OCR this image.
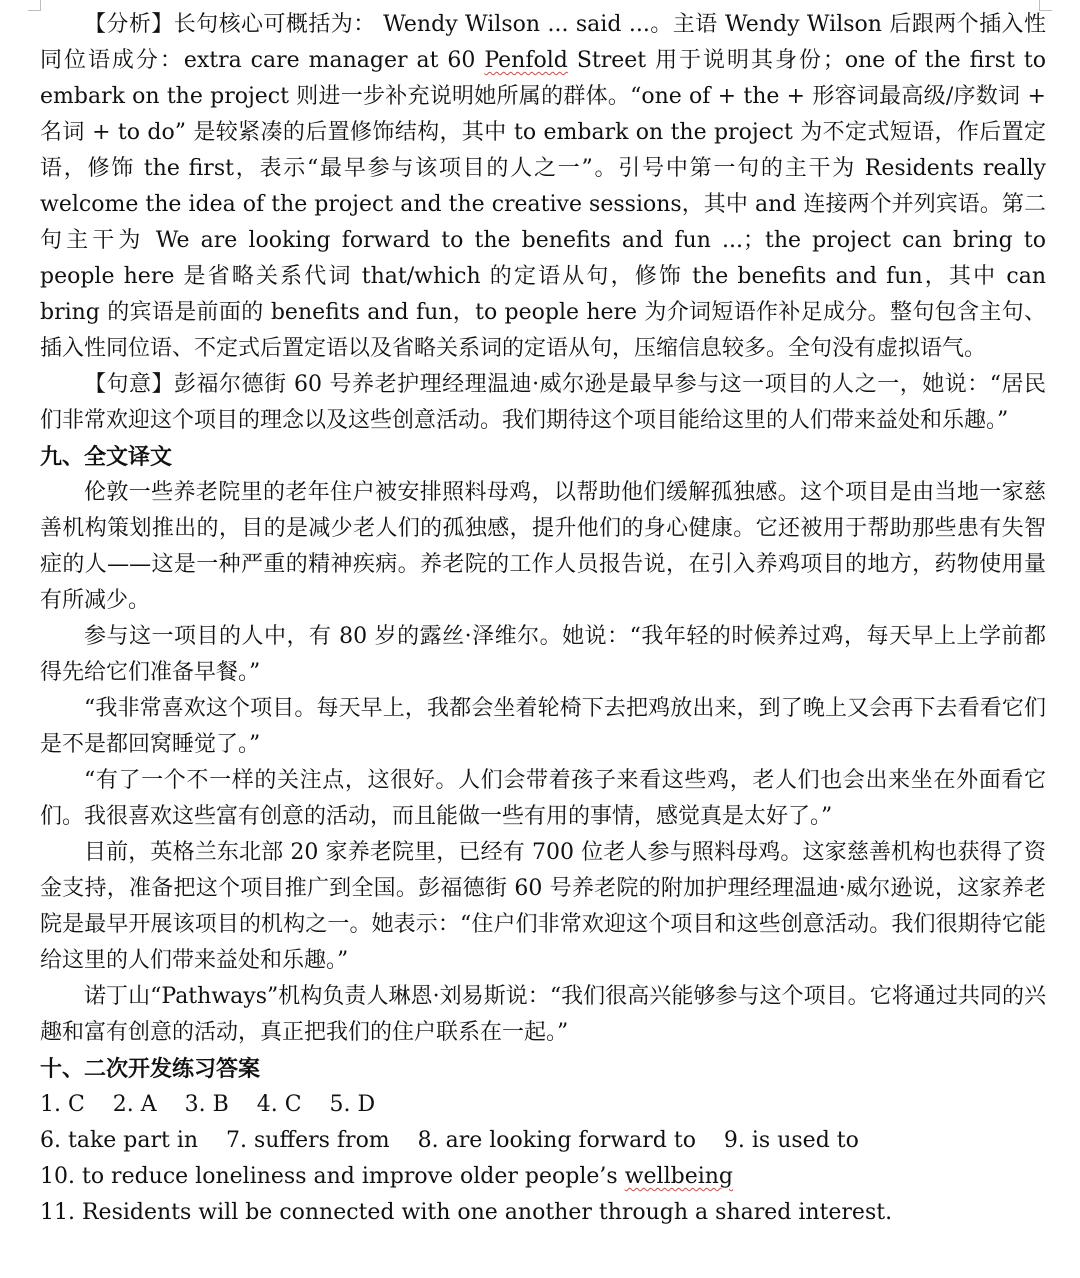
【分析】长句核心可概括为： Wendy Wilson ... said ...。主语 Wendy Wilson 后跟两个插入性同位语成分：extra care manager at 60 Penfold Street 用于说明其身份；one of the first to embark on the project 则进一步补充说明她所属的群体。“one of + the + 形容词最高级/序数词 + 名词 + to do” 是较紧凑的后置修饰结构，其中 to embark on the project 为不定式短语，作后置定语，修饰 the first，表示“最早参与该项目的人之一”。引号中第一句的主干为 Residents really welcome the idea of the project and the creative sessions，其中 and 连接两个并列宾语。第二句主干为 We are looking forward to the benefits and fun ...；the project can bring to people here 是省略关系代词 that/which 的定语从句，修饰 the benefits and fun，其中 can bring 的宾语是前面的 benefits and fun，to people here 为介词短语作补足成分。整句包含主句、插入性同位语、不定式后置定语以及省略关系词的定语从句，压缩信息较多。全句没有虚拟语气。

【句意】彭福尔德街 60 号养老护理经理温迪·威尔逊是最早参与这一项目的人之一，她说：“居民们非常欢迎这个项目的理念以及这些创意活动。我们期待这个项目能给这里的人们带来益处和乐趣。”

九、全文译文

伦敦一些养老院里的老年住户被安排照料母鸡，以帮助他们缓解孤独感。这个项目是由当地一家慈善机构策划推出的，目的是减少老人们的孤独感，提升他们的身心健康。它还被用于帮助那些患有失智症的人——这是一种严重的精神疾病。养老院的工作人员报告说，在引入养鸡项目的地方，药物使用量有所减少。

参与这一项目的人中，有 80 岁的露丝·泽维尔。她说：“我年轻的时候养过鸡，每天早上上学前都得先给它们准备早餐。”

“我非常喜欢这个项目。每天早上，我都会坐着轮椅下去把鸡放出来，到了晚上又会再下去看看它们是不是都回窝睡觉了。”

“有了一个不一样的关注点，这很好。人们会带着孩子来看这些鸡，老人们也会出来坐在外面看它们。我很喜欢这些富有创意的活动，而且能做一些有用的事情，感觉真是太好了。”

目前，英格兰东北部 20 家养老院里，已经有 700 位老人参与照料母鸡。这家慈善机构也获得了资金支持，准备把这个项目推广到全国。彭福德街 60 号养老院的附加护理经理温迪·威尔逊说，这家养老院是最早开展该项目的机构之一。她表示：“住户们非常欢迎这个项目和这些创意活动。我们很期待它能给这里的人们带来益处和乐趣。”

诺丁山“Pathways”机构负责人琳恩·刘易斯说：“我们很高兴能够参与这个项目。它将通过共同的兴趣和富有创意的活动，真正把我们的住户联系在一起。”

十、二次开发练习答案

1. C    2. A    3. B    4. C    5. D

6. take part in    7. suffers from    8. are looking forward to    9. is used to

10. to reduce loneliness and improve older people’s wellbeing

11. Residents will be connected with one another through a shared interest.
